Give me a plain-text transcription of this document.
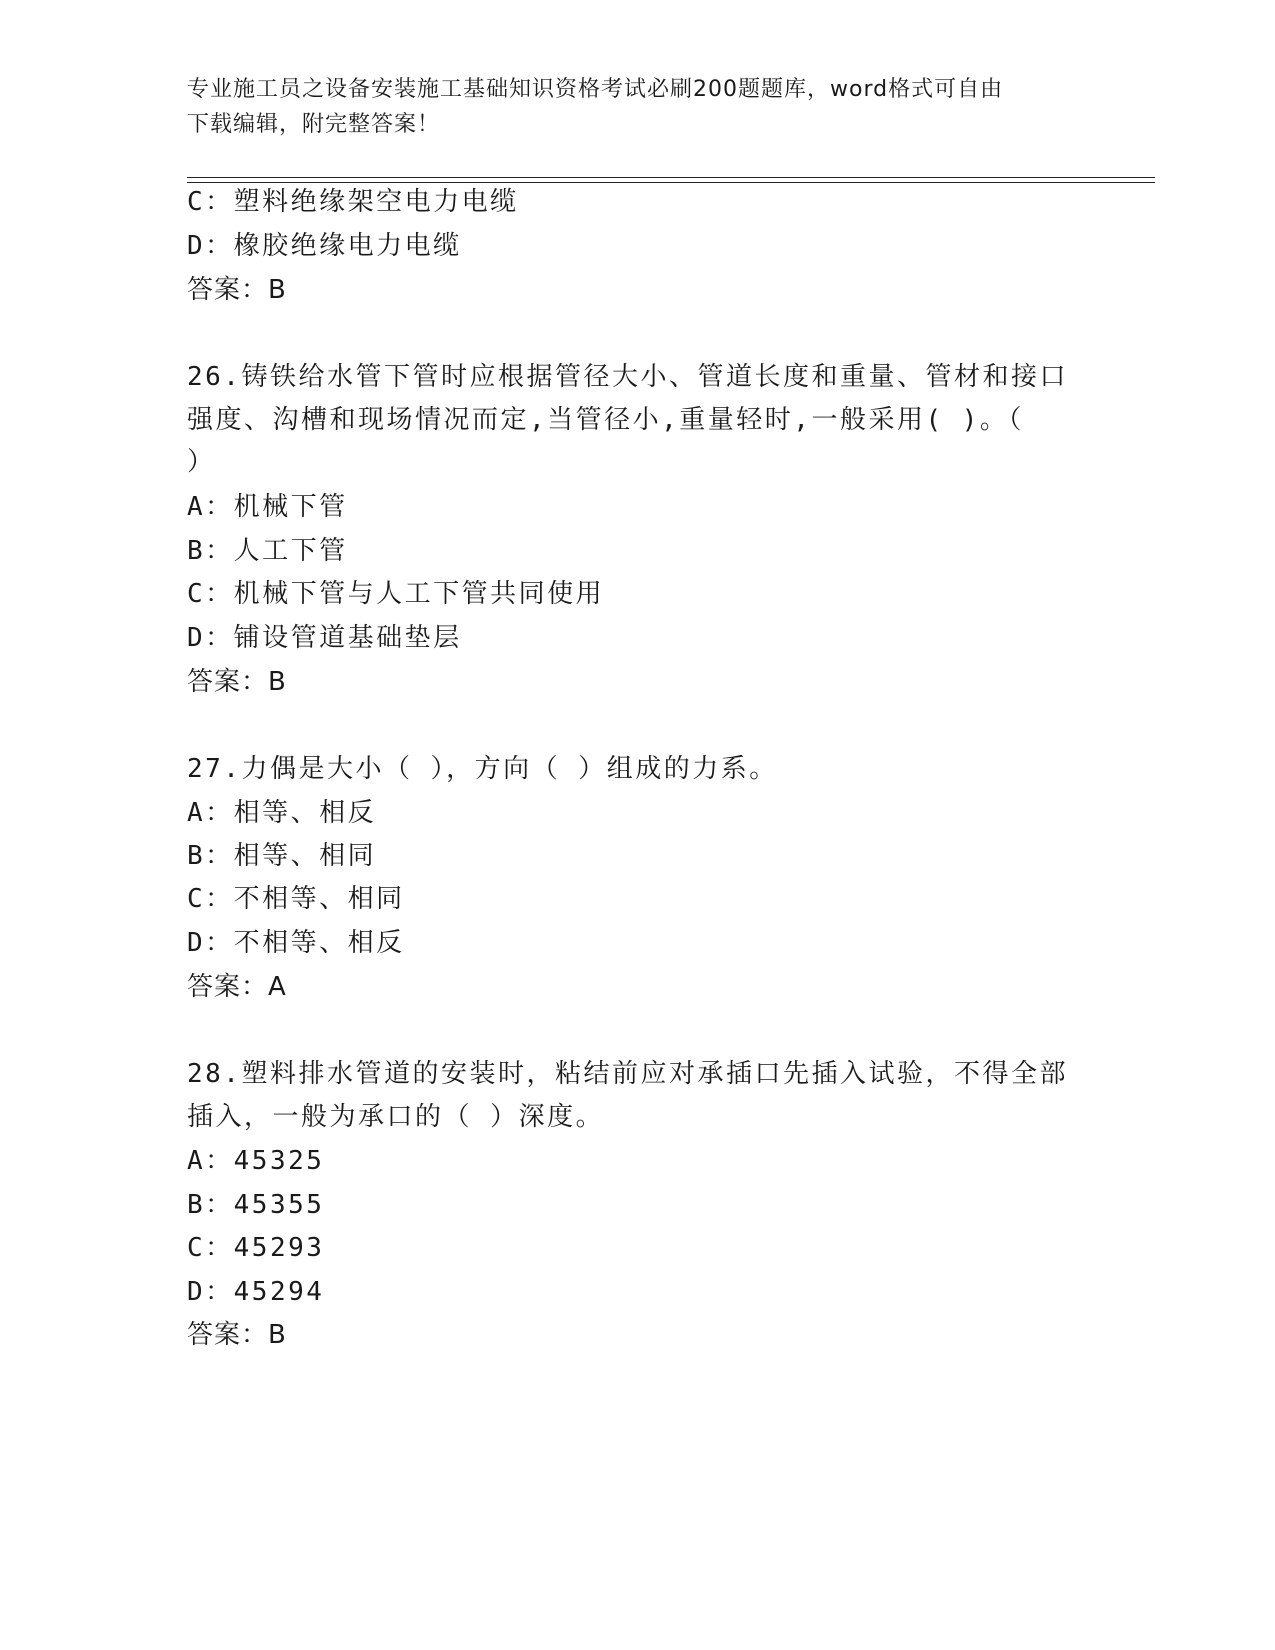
专业施工员之设备安装施工基础知识资格考试必刷200题题库，word格式可自由
下载编辑，附完整答案！
C：塑料绝缘架空电力电缆
D：橡胶绝缘电力电缆
答案：B
26.铸铁给水管下管时应根据管径大小、管道长度和重量、管材和接口
强度、沟槽和现场情况而定,当管径小,重量轻时,一般采用( )。（
）
A：机械下管
B：人工下管
C：机械下管与人工下管共同使用
D：铺设管道基础垫层
答案：B
27.力偶是大小（ ），方向（ ）组成的力系。
A：相等、相反
B：相等、相同
C：不相等、相同
D：不相等、相反
答案：A
28.塑料排水管道的安装时，粘结前应对承插口先插入试验，不得全部
插入，一般为承口的（ ）深度。
A：45325
B：45355
C：45293
D：45294
答案：B
